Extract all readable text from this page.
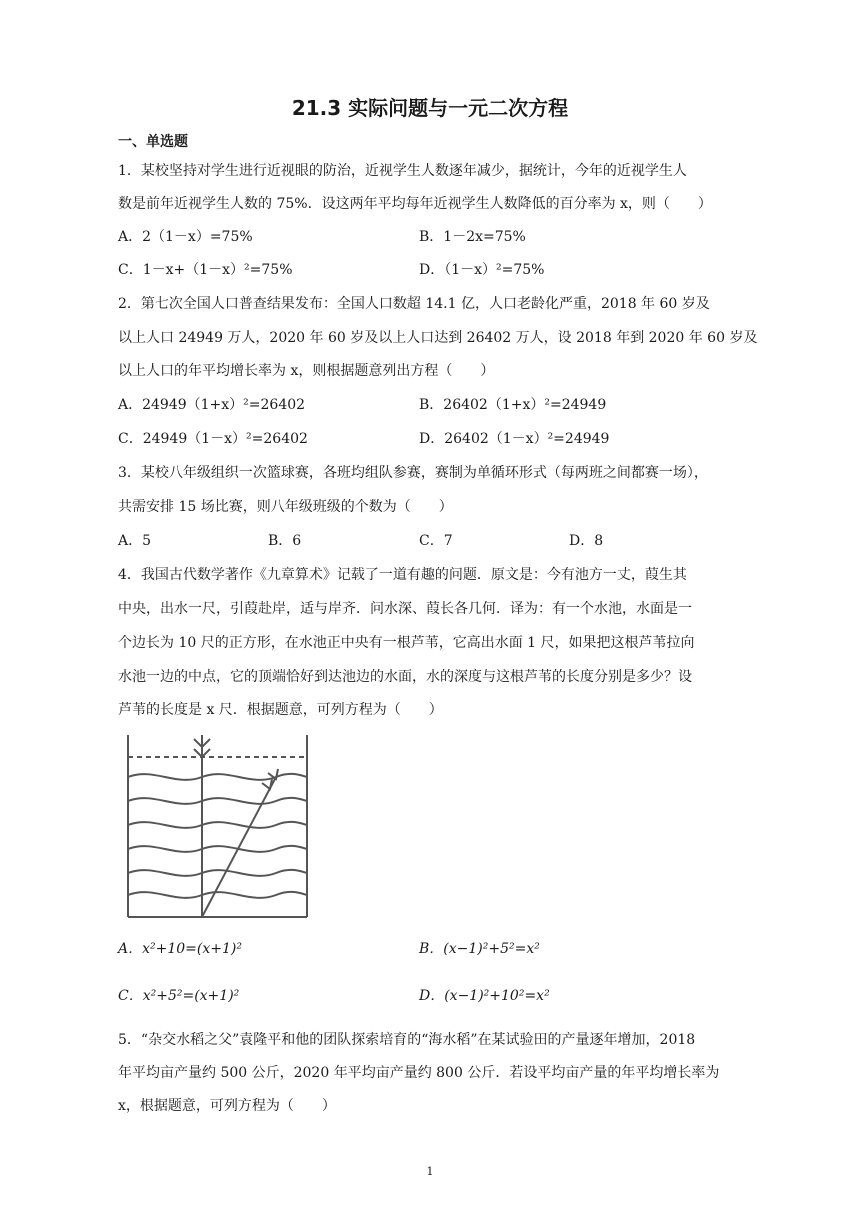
21.3 实际问题与一元二次方程
一、单选题
1．某校坚持对学生进行近视眼的防治，近视学生人数逐年减少，据统计，今年的近视学生人
数是前年近视学生人数的 75%．设这两年平均每年近视学生人数降低的百分率为 x，则（　　）
A．2（1－x）=75%	B．1－2x=75%
C．1－x+（1－x）²=75%	D．（1－x）²=75%
2．第七次全国人口普查结果发布：全国人口数超 14.1 亿，人口老龄化严重，2018 年 60 岁及
以上人口 24949 万人，2020 年 60 岁及以上人口达到 26402 万人，设 2018 年到 2020 年 60 岁及
以上人口的年平均增长率为 x，则根据题意列出方程（　　）
A．24949（1+x）²=26402	B．26402（1+x）²=24949
C．24949（1－x）²=26402	D．26402（1－x）²=24949
3．某校八年级组织一次篮球赛，各班均组队参赛，赛制为单循环形式（每两班之间都赛一场），
共需安排 15 场比赛，则八年级班级的个数为（　　）
A．5	B．6	C．7	D．8
4．我国古代数学著作《九章算术》记载了一道有趣的问题．原文是：今有池方一丈，葭生其
中央，出水一尺，引葭赴岸，适与岸齐．问水深、葭长各几何．译为：有一个水池，水面是一
个边长为 10 尺的正方形，在水池正中央有一根芦苇，它高出水面 1 尺，如果把这根芦苇拉向
水池一边的中点，它的顶端恰好到达池边的水面，水的深度与这根芦苇的长度分别是多少？设
芦苇的长度是 x 尺．根据题意，可列方程为（　　）
A．x²+10=(x+1)²	B．(x−1)²+5²=x²
C．x²+5²=(x+1)²	D．(x−1)²+10²=x²
5．“杂交水稻之父”袁隆平和他的团队探索培育的“海水稻”在某试验田的产量逐年增加，2018
年平均亩产量约 500 公斤，2020 年平均亩产量约 800 公斤．若设平均亩产量的年平均增长率为
x，根据题意，可列方程为（　　）
1
